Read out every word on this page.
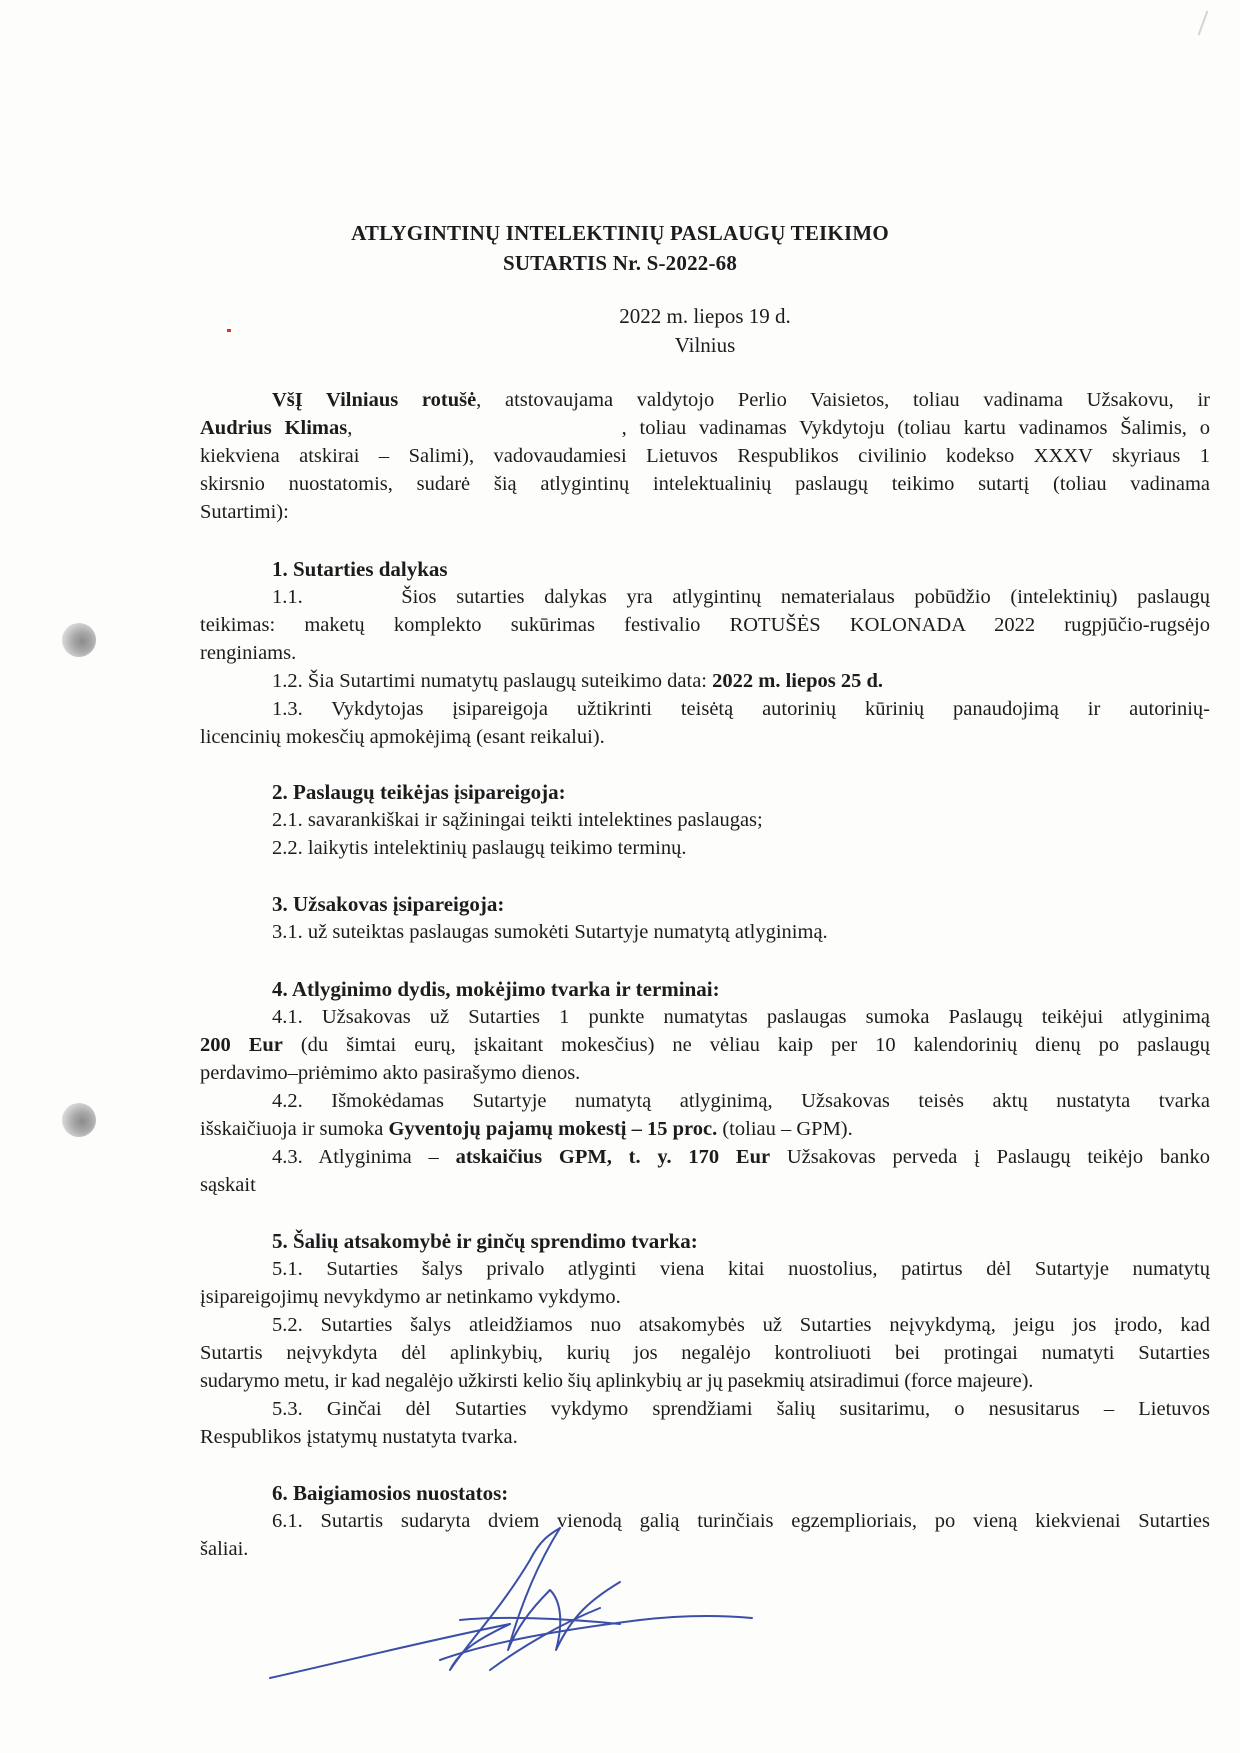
ATLYGINTINŲ INTELEKTINIŲ PASLAUGŲ TEIKIMO
SUTARTIS Nr. S-2022-68
2022 m. liepos 19 d.
Vilnius
VšĮ Vilniaus rotušė, atstovaujama valdytojo Perlio Vaisietos, toliau vadinama Užsakovu, ir
Audrius Klimas,                     , toliau vadinamas Vykdytoju (toliau kartu vadinamos Šalimis, o
kiekviena atskirai – Salimi), vadovaudamiesi Lietuvos Respublikos civilinio kodekso XXXV skyriaus 1
skirsnio nuostatomis, sudarė šią atlygintinų intelektualinių paslaugų teikimo sutartį (toliau vadinama
Sutartimi):
1. Sutarties dalykas
1.1.     Šios sutarties dalykas yra atlygintinų nematerialaus pobūdžio (intelektinių) paslaugų
teikimas: maketų komplekto sukūrimas festivalio ROTUŠĖS KOLONADA 2022 rugpjūčio-rugsėjo
renginiams.
1.2. Šia Sutartimi numatytų paslaugų suteikimo data: 2022 m. liepos 25 d.
1.3. Vykdytojas įsipareigoja užtikrinti teisėtą autorinių kūrinių panaudojimą ir autorinių-
licencinių mokesčių apmokėjimą (esant reikalui).
2. Paslaugų teikėjas įsipareigoja:
2.1. savarankiškai ir sąžiningai teikti intelektines paslaugas;
2.2. laikytis intelektinių paslaugų teikimo terminų.
3. Užsakovas įsipareigoja:
3.1. už suteiktas paslaugas sumokėti Sutartyje numatytą atlyginimą.
4. Atlyginimo dydis, mokėjimo tvarka ir terminai:
4.1. Užsakovas už Sutarties 1 punkte numatytas paslaugas sumoka Paslaugų teikėjui atlyginimą
200 Eur (du šimtai eurų, įskaitant mokesčius) ne vėliau kaip per 10 kalendorinių dienų po paslaugų
perdavimo–priėmimo akto pasirašymo dienos.
4.2. Išmokėdamas Sutartyje numatytą atlyginimą, Užsakovas teisės aktų nustatyta tvarka
išskaičiuoja ir sumoka Gyventojų pajamų mokestį – 15 proc. (toliau – GPM).
4.3. Atlyginima – atskaičius GPM, t. y. 170 Eur Užsakovas perveda į Paslaugų teikėjo banko
sąskait
5. Šalių atsakomybė ir ginčų sprendimo tvarka:
5.1. Sutarties šalys privalo atlyginti viena kitai nuostolius, patirtus dėl Sutartyje numatytų
įsipareigojimų nevykdymo ar netinkamo vykdymo.
5.2. Sutarties šalys atleidžiamos nuo atsakomybės už Sutarties neįvykdymą, jeigu jos įrodo, kad
Sutartis neįvykdyta dėl aplinkybių, kurių jos negalėjo kontroliuoti bei protingai numatyti Sutarties
sudarymo metu, ir kad negalėjo užkirsti kelio šių aplinkybių ar jų pasekmių atsiradimui (force majeure).
5.3. Ginčai dėl Sutarties vykdymo sprendžiami šalių susitarimu, o nesusitarus – Lietuvos
Respublikos įstatymų nustatyta tvarka.
6. Baigiamosios nuostatos:
6.1. Sutartis sudaryta dviem vienodą galią turinčiais egzemplioriais, po vieną kiekvienai Sutarties
šaliai.
